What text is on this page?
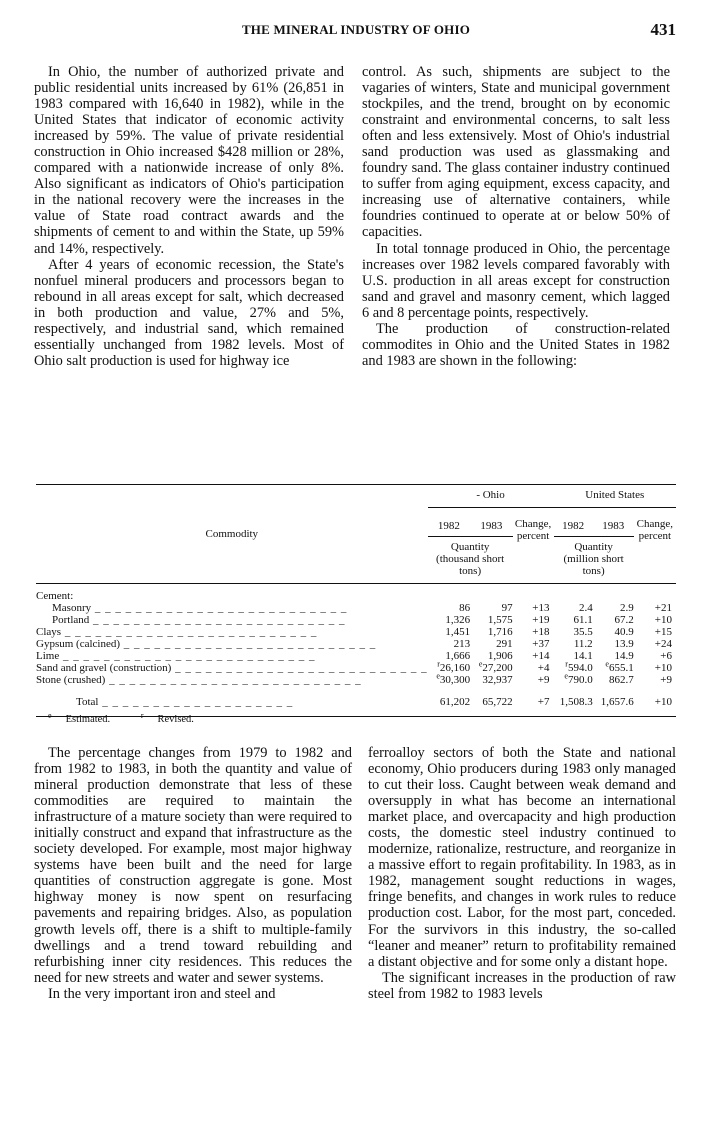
THE MINERAL INDUSTRY OF OHIO	431

In Ohio, the number of authorized private and public residential units increased by 61% (26,851 in 1983 compared with 16,640 in 1982), while in the United States that indicator of economic activity increased by 59%. The value of private residential construction in Ohio increased $428 million or 28%, compared with a nationwide increase of only 8%. Also significant as indicators of Ohio's participation in the national recovery were the increases in the value of State road contract awards and the shipments of cement to and within the State, up 59% and 14%, respectively.

After 4 years of economic recession, the State's nonfuel mineral producers and processors began to rebound in all areas except for salt, which decreased in both production and value, 27% and 5%, respectively, and industrial sand, which remained essentially unchanged from 1982 levels. Most of Ohio salt production is used for highway ice

control. As such, shipments are subject to the vagaries of winters, State and municipal government stockpiles, and the trend, brought on by economic constraint and environmental concerns, to salt less often and less extensively. Most of Ohio's industrial sand production was used as glassmaking and foundry sand. The glass container industry continued to suffer from aging equipment, excess capacity, and increasing use of alternative containers, while foundries continued to operate at or below 50% of capacities.

In total tonnage produced in Ohio, the percentage increases over 1982 levels compared favorably with U.S. production in all areas except for construction sand and gravel and masonry cement, which lagged 6 and 8 percentage points, respectively.

The production of construction-related commodites in Ohio and the United States in 1982 and 1983 are shown in the following:

Commodity	- Ohio			United States		
	1982	1983	Change, percent	1982	1983	Change, percent
	Quantity
(thousand short tons)			Quantity
(million short tons)		
Cement:						
Masonry _ _ _ _ _ _ _ _ _ _ _ _ _ _ _ _ _ _ _ _ _ _ _ _ _	86	97	+13	2.4	2.9	+21
Portland _ _ _ _ _ _ _ _ _ _ _ _ _ _ _ _ _ _ _ _ _ _ _ _ _	1,326	1,575	+19	61.1	67.2	+10
Clays _ _ _ _ _ _ _ _ _ _ _ _ _ _ _ _ _ _ _ _ _ _ _ _ _	1,451	1,716	+18	35.5	40.9	+15
Gypsum (calcined) _ _ _ _ _ _ _ _ _ _ _ _ _ _ _ _ _ _ _ _ _ _ _ _ _	213	291	+37	11.2	13.9	+24
Lime _ _ _ _ _ _ _ _ _ _ _ _ _ _ _ _ _ _ _ _ _ _ _ _ _	1,666	1,906	+14	14.1	14.9	+6
Sand and gravel (construction) _ _ _ _ _ _ _ _ _ _ _ _ _ _ _ _ _ _ _ _ _ _ _ _ _	$^r$26,160	$^e$27,200	+4	$^r$594.0	$^e$655.1	+10
Stone (crushed) _ _ _ _ _ _ _ _ _ _ _ _ _ _ _ _ _ _ _ _ _ _ _ _ _	$^e$30,300	32,937	+9	$^e$790.0	862.7	+9
Total _ _ _ _ _ _ _ _ _ _ _ _ _ _ _ _ _ _ _	61,202	65,722	+7	1,508.3	1,657.6	+10
$^e$ Estimated.	$^r$ Revised.

The percentage changes from 1979 to 1982 and from 1982 to 1983, in both the quantity and value of mineral production demonstrate that less of these commodities are required to maintain the infrastructure of a mature society than were required to initially construct and expand that infrastructure as the society developed. For example, most major highway systems have been built and the need for large quantities of construction aggregate is gone. Most highway money is now spent on resurfacing pavements and repairing bridges. Also, as population growth levels off, there is a shift to multiple-family dwellings and a trend toward rebuilding and refurbishing inner city residences. This reduces the need for new streets and water and sewer systems.

In the very important iron and steel and

ferroalloy sectors of both the State and national economy, Ohio producers during 1983 only managed to cut their loss. Caught between weak demand and oversupply in what has become an international market place, and overcapacity and high production costs, the domestic steel industry continued to modernize, rationalize, restructure, and reorganize in a massive effort to regain profitability. In 1983, as in 1982, management sought reductions in wages, fringe benefits, and changes in work rules to reduce production cost. Labor, for the most part, conceded. For the survivors in this industry, the so-called “leaner and meaner” return to profitability remained a distant objective and for some only a distant hope.

The significant increases in the production of raw steel from 1982 to 1983 levels
